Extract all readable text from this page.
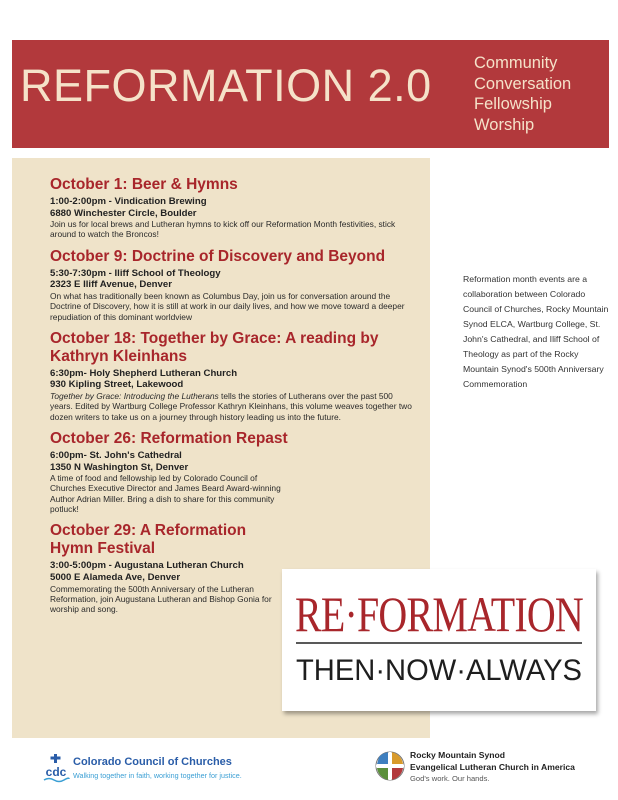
REFORMATION 2.0	Community
Conversation
Fellowship
Worship
October 1: Beer & Hymns
1:00-2:00pm - Vindication Brewing
6880 Winchester Circle, Boulder
Join us for local brews and Lutheran hymns to kick off our Reformation Month festivities, stick around to watch the Broncos!
October 9: Doctrine of Discovery and Beyond
5:30-7:30pm - Iliff School of Theology
2323 E Iliff Avenue, Denver
On what has traditionally been known as Columbus Day, join us for conversation around the Doctrine of Discovery, how it is still at work in our daily lives, and how we move toward a deeper repudiation of this dominant worldview
October 18: Together by Grace: A reading by Kathryn Kleinhans
6:30pm- Holy Shepherd Lutheran Church
930 Kipling Street, Lakewood
Together by Grace: Introducing the Lutherans tells the stories of Lutherans over the past 500 years. Edited by Wartburg College Professor Kathryn Kleinhans, this volume weaves together two dozen writers to take us on a journey through history leading us into the future.
October 26: Reformation Repast
6:00pm- St. John's Cathedral
1350 N Washington St, Denver
A time of food and fellowship led by Colorado Council of Churches Executive Director and James Beard Award-winning Author Adrian Miller. Bring a dish to share for this community potluck!
October 29: A Reformation Hymn Festival
3:00-5:00pm - Augustana Lutheran Church
5000 E Alameda Ave, Denver
Commemorating the 500th Anniversary of the Lutheran Reformation, join Augustana Lutheran and Bishop Gonia for worship and song.
Reformation month events are a collaboration between Colorado Council of Churches, Rocky Mountain Synod ELCA, Wartburg College, St. John's Cathedral, and Iliff School of Theology as part of the Rocky Mountain Synod's 500th Anniversary Commemoration
RE·FORMATION
THEN·NOW·ALWAYS
cdc
Colorado Council of Churches
Walking together in faith, working together for justice.
Rocky Mountain Synod
Evangelical Lutheran Church in America
God's work. Our hands.
